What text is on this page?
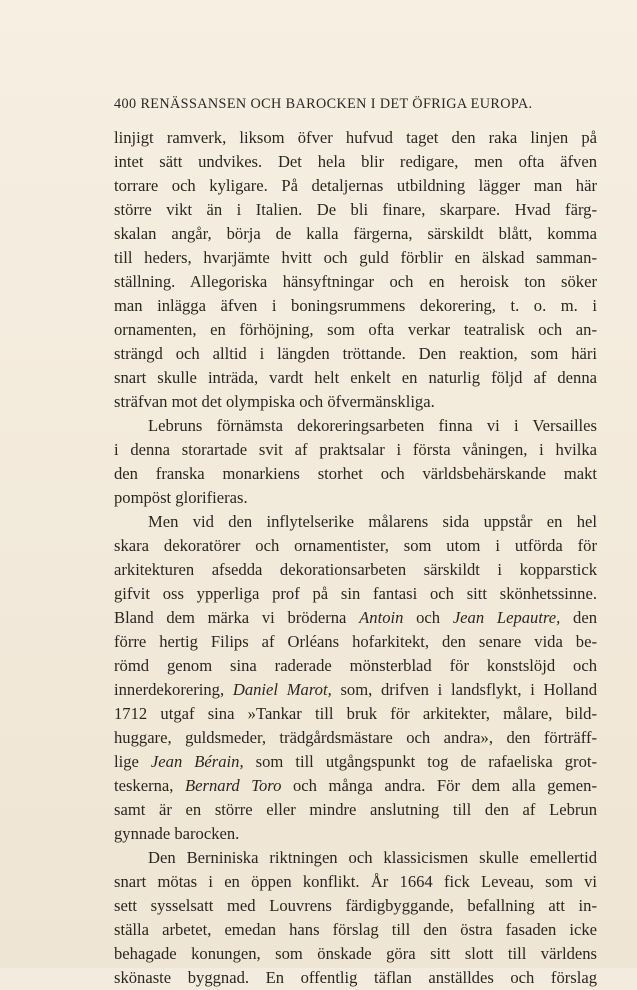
400 RENÄSSANSEN OCH BAROCKEN I DET ÖFRIGA EUROPA.
linjigt ramverk, liksom öfver hufvud taget den raka linjen på
intet sätt undvikes. Det hela blir redigare, men ofta äfven
torrare och kyligare. På detaljernas utbildning lägger man här
större vikt än i Italien. De bli finare, skarpare. Hvad färg-
skalan angår, börja de kalla färgerna, särskildt blått, komma
till heders, hvarjämte hvitt och guld förblir en älskad samman-
ställning. Allegoriska hänsyftningar och en heroisk ton söker
man inlägga äfven i boningsrummens dekorering, t. o. m. i
ornamenten, en förhöjning, som ofta verkar teatralisk och an-
strängd och alltid i längden tröttande. Den reaktion, som häri
snart skulle inträda, vardt helt enkelt en naturlig följd af denna
sträfvan mot det olympiska och öfvermänskliga.
Lebruns förnämsta dekoreringsarbeten finna vi i Versailles
i denna storartade svit af praktsalar i första våningen, i hvilka
den franska monarkiens storhet och världsbehärskande makt
pompöst glorifieras.
Men vid den inflytelserike målarens sida uppstår en hel
skara dekoratörer och ornamentister, som utom i utförda för
arkitekturen afsedda dekorationsarbeten särskildt i kopparstick
gifvit oss ypperliga prof på sin fantasi och sitt skönhetssinne.
Bland dem märka vi bröderna Antoin och Jean Lepautre, den
förre hertig Filips af Orléans hofarkitekt, den senare vida be-
römd genom sina raderade mönsterblad för konstslöjd och
innerdekorering, Daniel Marot, som, drifven i landsflykt, i Holland
1712 utgaf sina »Tankar till bruk för arkitekter, målare, bild-
huggare, guldsmeder, trädgårdsmästare och andra», den förträff-
lige Jean Bérain, som till utgångspunkt tog de rafaeliska grot-
teskerna, Bernard Toro och många andra. För dem alla gemen-
samt är en större eller mindre anslutning till den af Lebrun
gynnade barocken.
Den Berniniska riktningen och klassicismen skulle emellertid
snart mötas i en öppen konflikt. År 1664 fick Leveau, som vi
sett sysselsatt med Louvrens färdigbyggande, befallning att in-
ställa arbetet, emedan hans förslag till den östra fasaden icke
behagade konungen, som önskade göra sitt slott till världens
skönaste byggnad. En offentlig täflan anställdes och förslag
